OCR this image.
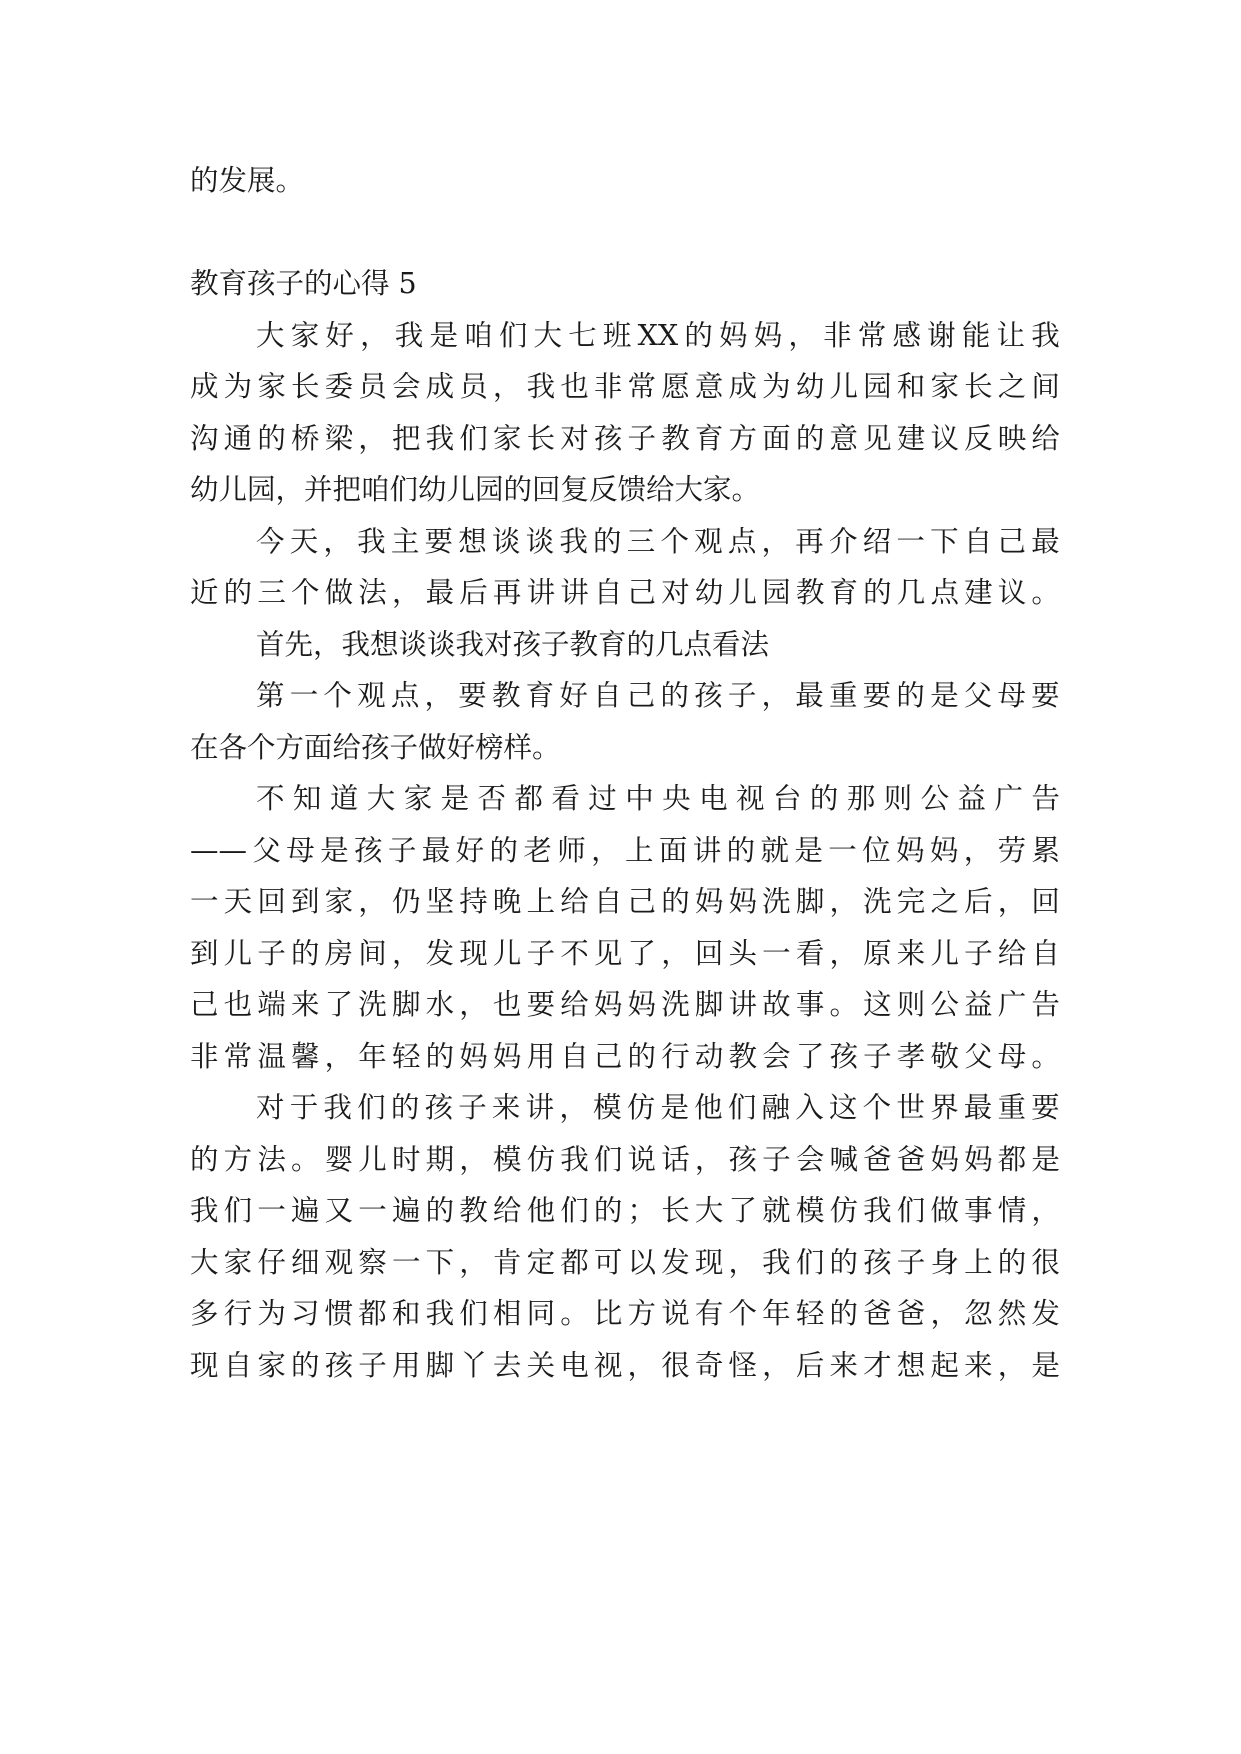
的发展。
教育孩子的心得 5
大 家 好 ， 我 是 咱 们 大 七 班 XX 的 妈 妈 ， 非 常 感 谢 能 让 我
成 为 家 长 委 员 会 成 员 ， 我 也 非 常 愿 意 成 为 幼 儿 园 和 家 长 之 间
沟 通 的 桥 梁 ， 把 我 们 家 长 对 孩 子 教 育 方 面 的 意 见 建 议 反 映 给
幼儿园，并把咱们幼儿园的回复反馈给大家。
今 天 ， 我 主 要 想 谈 谈 我 的 三 个 观 点 ， 再 介 绍 一 下 自 己 最
近 的 三 个 做 法 ， 最 后 再 讲 讲 自 己 对 幼 儿 园 教 育 的 几 点 建 议 。
首先，我想谈谈我对孩子教育的几点看法
第 一 个 观 点 ， 要 教 育 好 自 己 的 孩 子 ， 最 重 要 的 是 父 母 要
在各个方面给孩子做好榜样。
不 知 道 大 家 是 否 都 看 过 中 央 电 视 台 的 那 则 公 益 广 告
—— 父 母 是 孩 子 最 好 的 老 师 ， 上 面 讲 的 就 是 一 位 妈 妈 ， 劳 累
一 天 回 到 家 ， 仍 坚 持 晚 上 给 自 己 的 妈 妈 洗 脚 ， 洗 完 之 后 ， 回
到 儿 子 的 房 间 ， 发 现 儿 子 不 见 了 ， 回 头 一 看 ， 原 来 儿 子 给 自
己 也 端 来 了 洗 脚 水 ， 也 要 给 妈 妈 洗 脚 讲 故 事 。 这 则 公 益 广 告
非 常 温 馨 ， 年 轻 的 妈 妈 用 自 己 的 行 动 教 会 了 孩 子 孝 敬 父 母 。
对 于 我 们 的 孩 子 来 讲 ， 模 仿 是 他 们 融 入 这 个 世 界 最 重 要
的 方 法 。 婴 儿 时 期 ， 模 仿 我 们 说 话 ， 孩 子 会 喊 爸 爸 妈 妈 都 是
我 们 一 遍 又 一 遍 的 教 给 他 们 的 ； 长 大 了 就 模 仿 我 们 做 事 情 ，
大 家 仔 细 观 察 一 下 ， 肯 定 都 可 以 发 现 ， 我 们 的 孩 子 身 上 的 很
多 行 为 习 惯 都 和 我 们 相 同 。 比 方 说 有 个 年 轻 的 爸 爸 ， 忽 然 发
现 自 家 的 孩 子 用 脚 丫 去 关 电 视 ， 很 奇 怪 ， 后 来 才 想 起 来 ， 是
